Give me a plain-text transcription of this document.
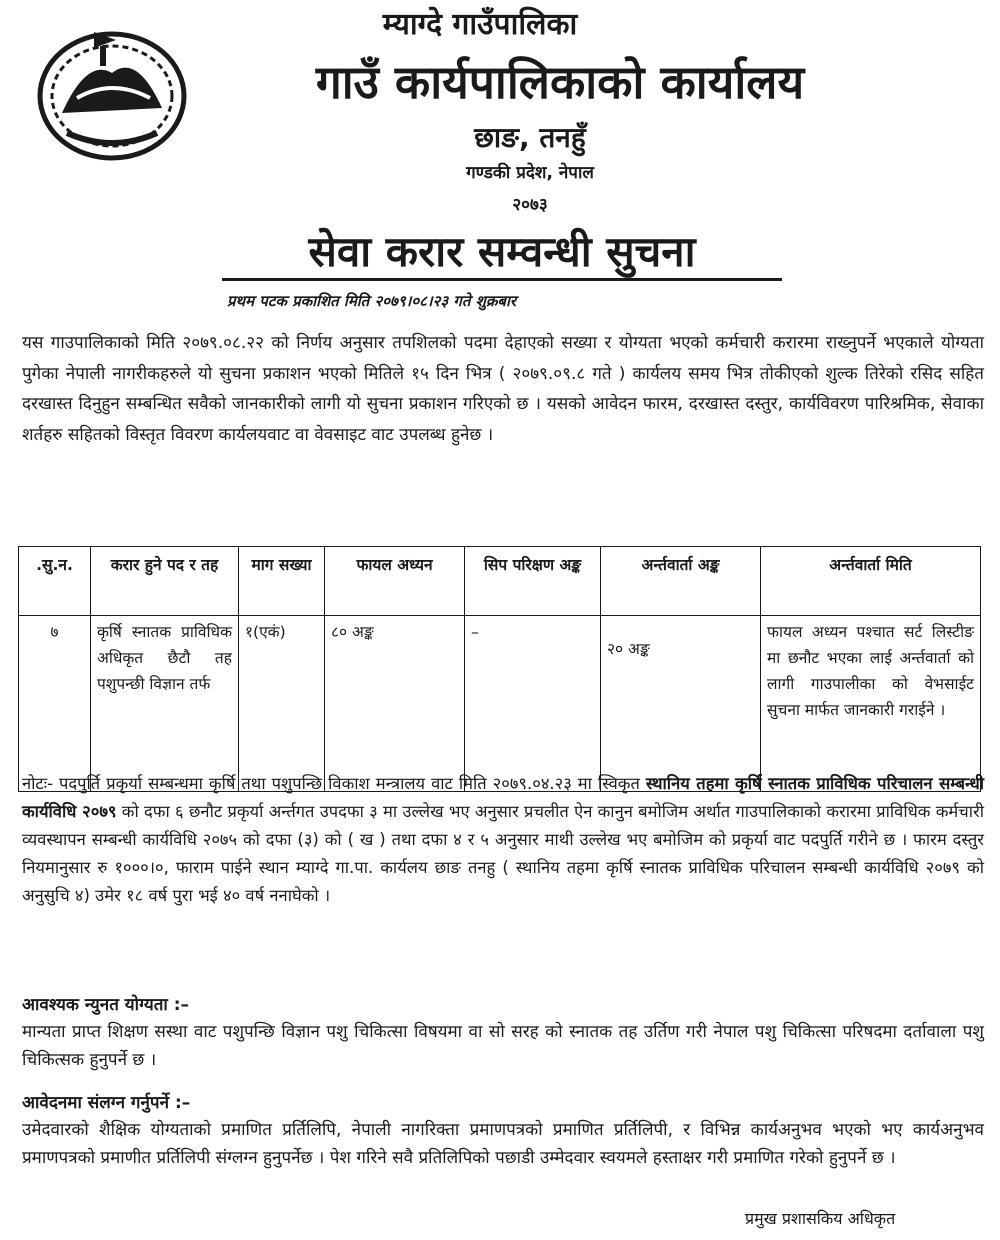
म्याग्दे गाउँपालिका
गाउँ कार्यपालिकाको कार्यालय
छाङ, तनहुँ
गण्डकी प्रदेश, नेपाल
२०७३
सेवा करार सम्वन्धी सुचना
प्रथम पटक प्रकाशित मिति २०७९।०८।२३ गते शुक्रबार
यस गाउपालिकाको मिति २०७९.०८.२२ को निर्णय अनुसार तपशिलको पदमा देहाएको सख्या र योग्यता भएको कर्मचारी करारमा राख्नुपर्ने भएकाले योग्यता पुगेका नेपाली नागरीकहरुले यो सुचना प्रकाशन भएको मितिले १५ दिन भित्र ( २०७९.०९.८ गते ) कार्यलय समय भित्र तोकीएको शुल्क तिरेको रसिद सहित दरखास्त दिनुहुन सम्बन्धित सवैको जानकारीको लागी यो सुचना प्रकाशन गरिएको छ । यसको आवेदन फारम, दरखास्त दस्तुर, कार्यविवरण पारिश्रमिक, सेवाका शर्तहरु सहितको विस्तृत विवरण कार्यलयवाट वा वेवसाइट वाट उपलब्ध हुनेछ ।
.सु.न.	करार हुने पद र तह	माग सख्या	फायल अध्यन	सिप परिक्षण अङ्क	अर्न्तवार्ता अङ्क	अर्न्तवार्ता मिति
७	कृर्षि स्नातक प्राविधिक अधिकृत छैटौ तह पशुपन्छी विज्ञान तर्फ	१(एकं)	८० अङ्क	–	२० अङ्क	फायल अध्यन पश्चात सर्ट लिस्टीङ मा छनौट भएका लाई अर्न्तवार्ता को लागी गाउपालीका को वेभसाईट सुचना मार्फत जानकारी गराईने ।
नोटः- पदपुर्ति प्रकृर्या सम्बन्धमा कृर्षि तथा पशुपन्छि विकाश मन्त्रालय वाट मिति २०७९.०४.२३ मा स्विकृत स्थानिय तहमा कृर्षि स्नातक प्राविधिक परिचालन सम्बन्धी कार्यविधि २०७९ को दफा ६ छनौट प्रकृर्या अर्न्तगत उपदफा ३ मा उल्लेख भए अनुसार प्रचलीत ऐन कानुन बमोजिम अर्थात गाउपालिकाको करारमा प्राविधिक कर्मचारी व्यवस्थापन सम्बन्धी कार्यविधि २०७५ को दफा (३) को ( ख ) तथा दफा ४ र ५ अनुसार माथी उल्लेख भए बमोजिम को प्रकृर्या वाट पदपुर्ति गरीने छ । फारम दस्तुर नियमानुसार रु १०००।०, फाराम पाईने स्थान म्याग्दे गा.पा. कार्यलय छाङ तनहु ( स्थानिय तहमा कृर्षि स्नातक प्राविधिक परिचालन सम्बन्धी कार्यविधि २०७९ को अनुसुचि ४) उमेर १८ वर्ष पुरा भई ४० वर्ष ननाघेको ।
आवश्यक न्युनत योग्यता :–
मान्यता प्राप्त शिक्षण सस्था वाट पशुपन्छि विज्ञान पशु चिकित्सा विषयमा वा सो सरह को स्नातक तह उर्तिण गरी नेपाल पशु चिकित्सा परिषदमा दर्तावाला पशु चिकित्सक हुनुपर्ने छ ।
आवेदनमा संलग्न गर्नुपर्ने :–
उमेदवारको शैक्षिक योग्यताको प्रमाणित प्रर्तिलिपि, नेपाली नागरिक्ता प्रमाणपत्रको प्रमाणित प्रर्तिलिपी, र विभिन्न कार्यअनुभव भएको भए कार्यअनुभव प्रमाणपत्रको प्रमाणीत प्रर्तिलिपी संग्लग्न हुनुपर्नेछ । पेश गरिने सवै प्रतिलिपिको पछाडी उम्मेदवार स्वयमले हस्ताक्षर गरी प्रमाणित गरेको हुनुपर्ने छ ।
प्रमुख प्रशासकिय अधिकृत
